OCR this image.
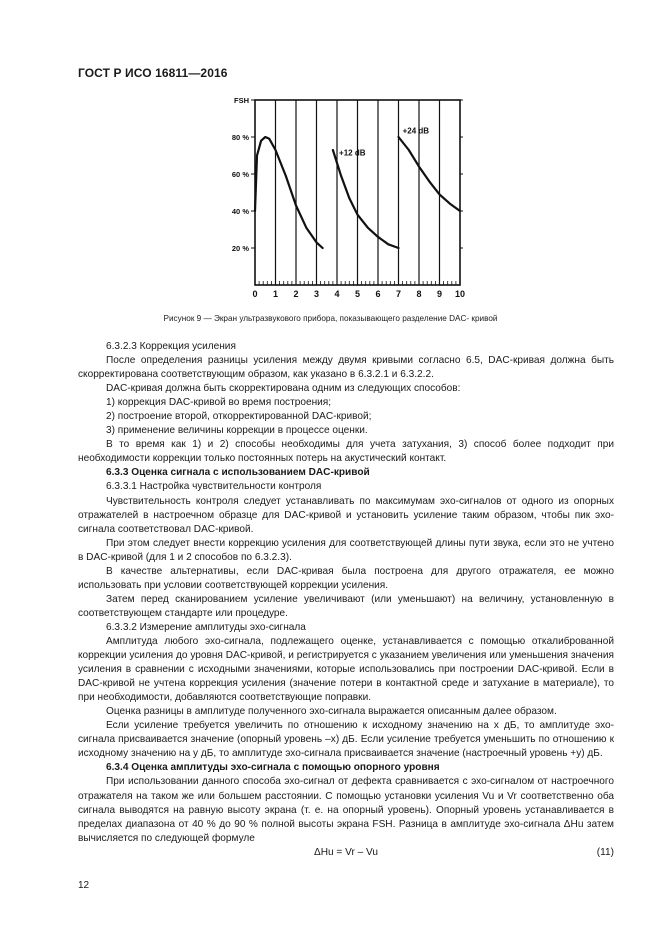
ГОСТ Р ИСО 16811—2016
FSH
80 %
60 %
40 %
20 %
0 1 2 3 4 5 6 7 8 9 10
+12 dB
+24 dB
Рисунок 9 — Экран ультразвукового прибора, показывающего разделение DAC- кривой

6.3.2.3 Коррекция усиления

После определения разницы усиления между двумя кривыми согласно 6.5, DAC-кривая должна быть скорректирована соответствующим образом, как указано в 6.3.2.1 и 6.3.2.2.

DAC-кривая должна быть скорректирована одним из следующих способов:

1) коррекция DAC-кривой во время построения;

2) построение второй, откорректированной DAC-кривой;

3) применение величины коррекции в процессе оценки.

В то время как 1) и 2) способы необходимы для учета затухания, 3) способ более подходит при необходимости коррекции только постоянных потерь на акустический контакт.

6.3.3 Оценка сигнала с использованием DAC-кривой

6.3.3.1 Настройка чувствительности контроля

Чувствительность контроля следует устанавливать по максимумам эхо-сигналов от одного из опорных отражателей в настроечном образце для DAC-кривой и установить усиление таким образом, чтобы пик эхо-сигнала соответствовал DAC-кривой.

При этом следует внести коррекцию усиления для соответствующей длины пути звука, если это не учтено в DAC-кривой (для 1 и 2 способов по 6.3.2.3).

В качестве альтернативы, если DAC-кривая была построена для другого отражателя, ее можно использовать при условии соответствующей коррекции усиления.

Затем перед сканированием усиление увеличивают (или уменьшают) на величину, установленную в соответствующем стандарте или процедуре.

6.3.3.2 Измерение амплитуды эхо-сигнала

Амплитуда любого эхо-сигнала, подлежащего оценке, устанавливается с помощью откалиброванной коррекции усиления до уровня DAC-кривой, и регистрируется с указанием увеличения или уменьшения значения усиления в сравнении с исходными значениями, которые использовались при построении DAC-кривой. Если в DAC-кривой не учтена коррекция усиления (значение потери в контактной среде и затухание в материале), то при необходимости, добавляются соответствующие поправки.

Оценка разницы в амплитуде полученного эхо-сигнала выражается описанным далее образом.

Если усиление требуется увеличить по отношению к исходному значению на x дБ, то амплитуде эхо-сигнала присваивается значение (опорный уровень –x) дБ. Если усиление требуется уменьшить по отношению к исходному значению на y дБ, то амплитуде эхо-сигнала присваивается значение (настроечный уровень +y) дБ.

6.3.4 Оценка амплитуды эхо-сигнала с помощью опорного уровня

При использовании данного способа эхо-сигнал от дефекта сравнивается с эхо-сигналом от настроечного отражателя на таком же или большем расстоянии. С помощью установки усиления Vu и Vr соответственно оба сигнала выводятся на равную высоту экрана (т. е. на опорный уровень). Опорный уровень устанавливается в пределах диапазона от 40 % до 90 % полной высоты экрана FSH. Разница в амплитуде эхо-сигнала ΔHu затем вычисляется по следующей формуле

ΔHu = Vr – Vu	(11)
12
